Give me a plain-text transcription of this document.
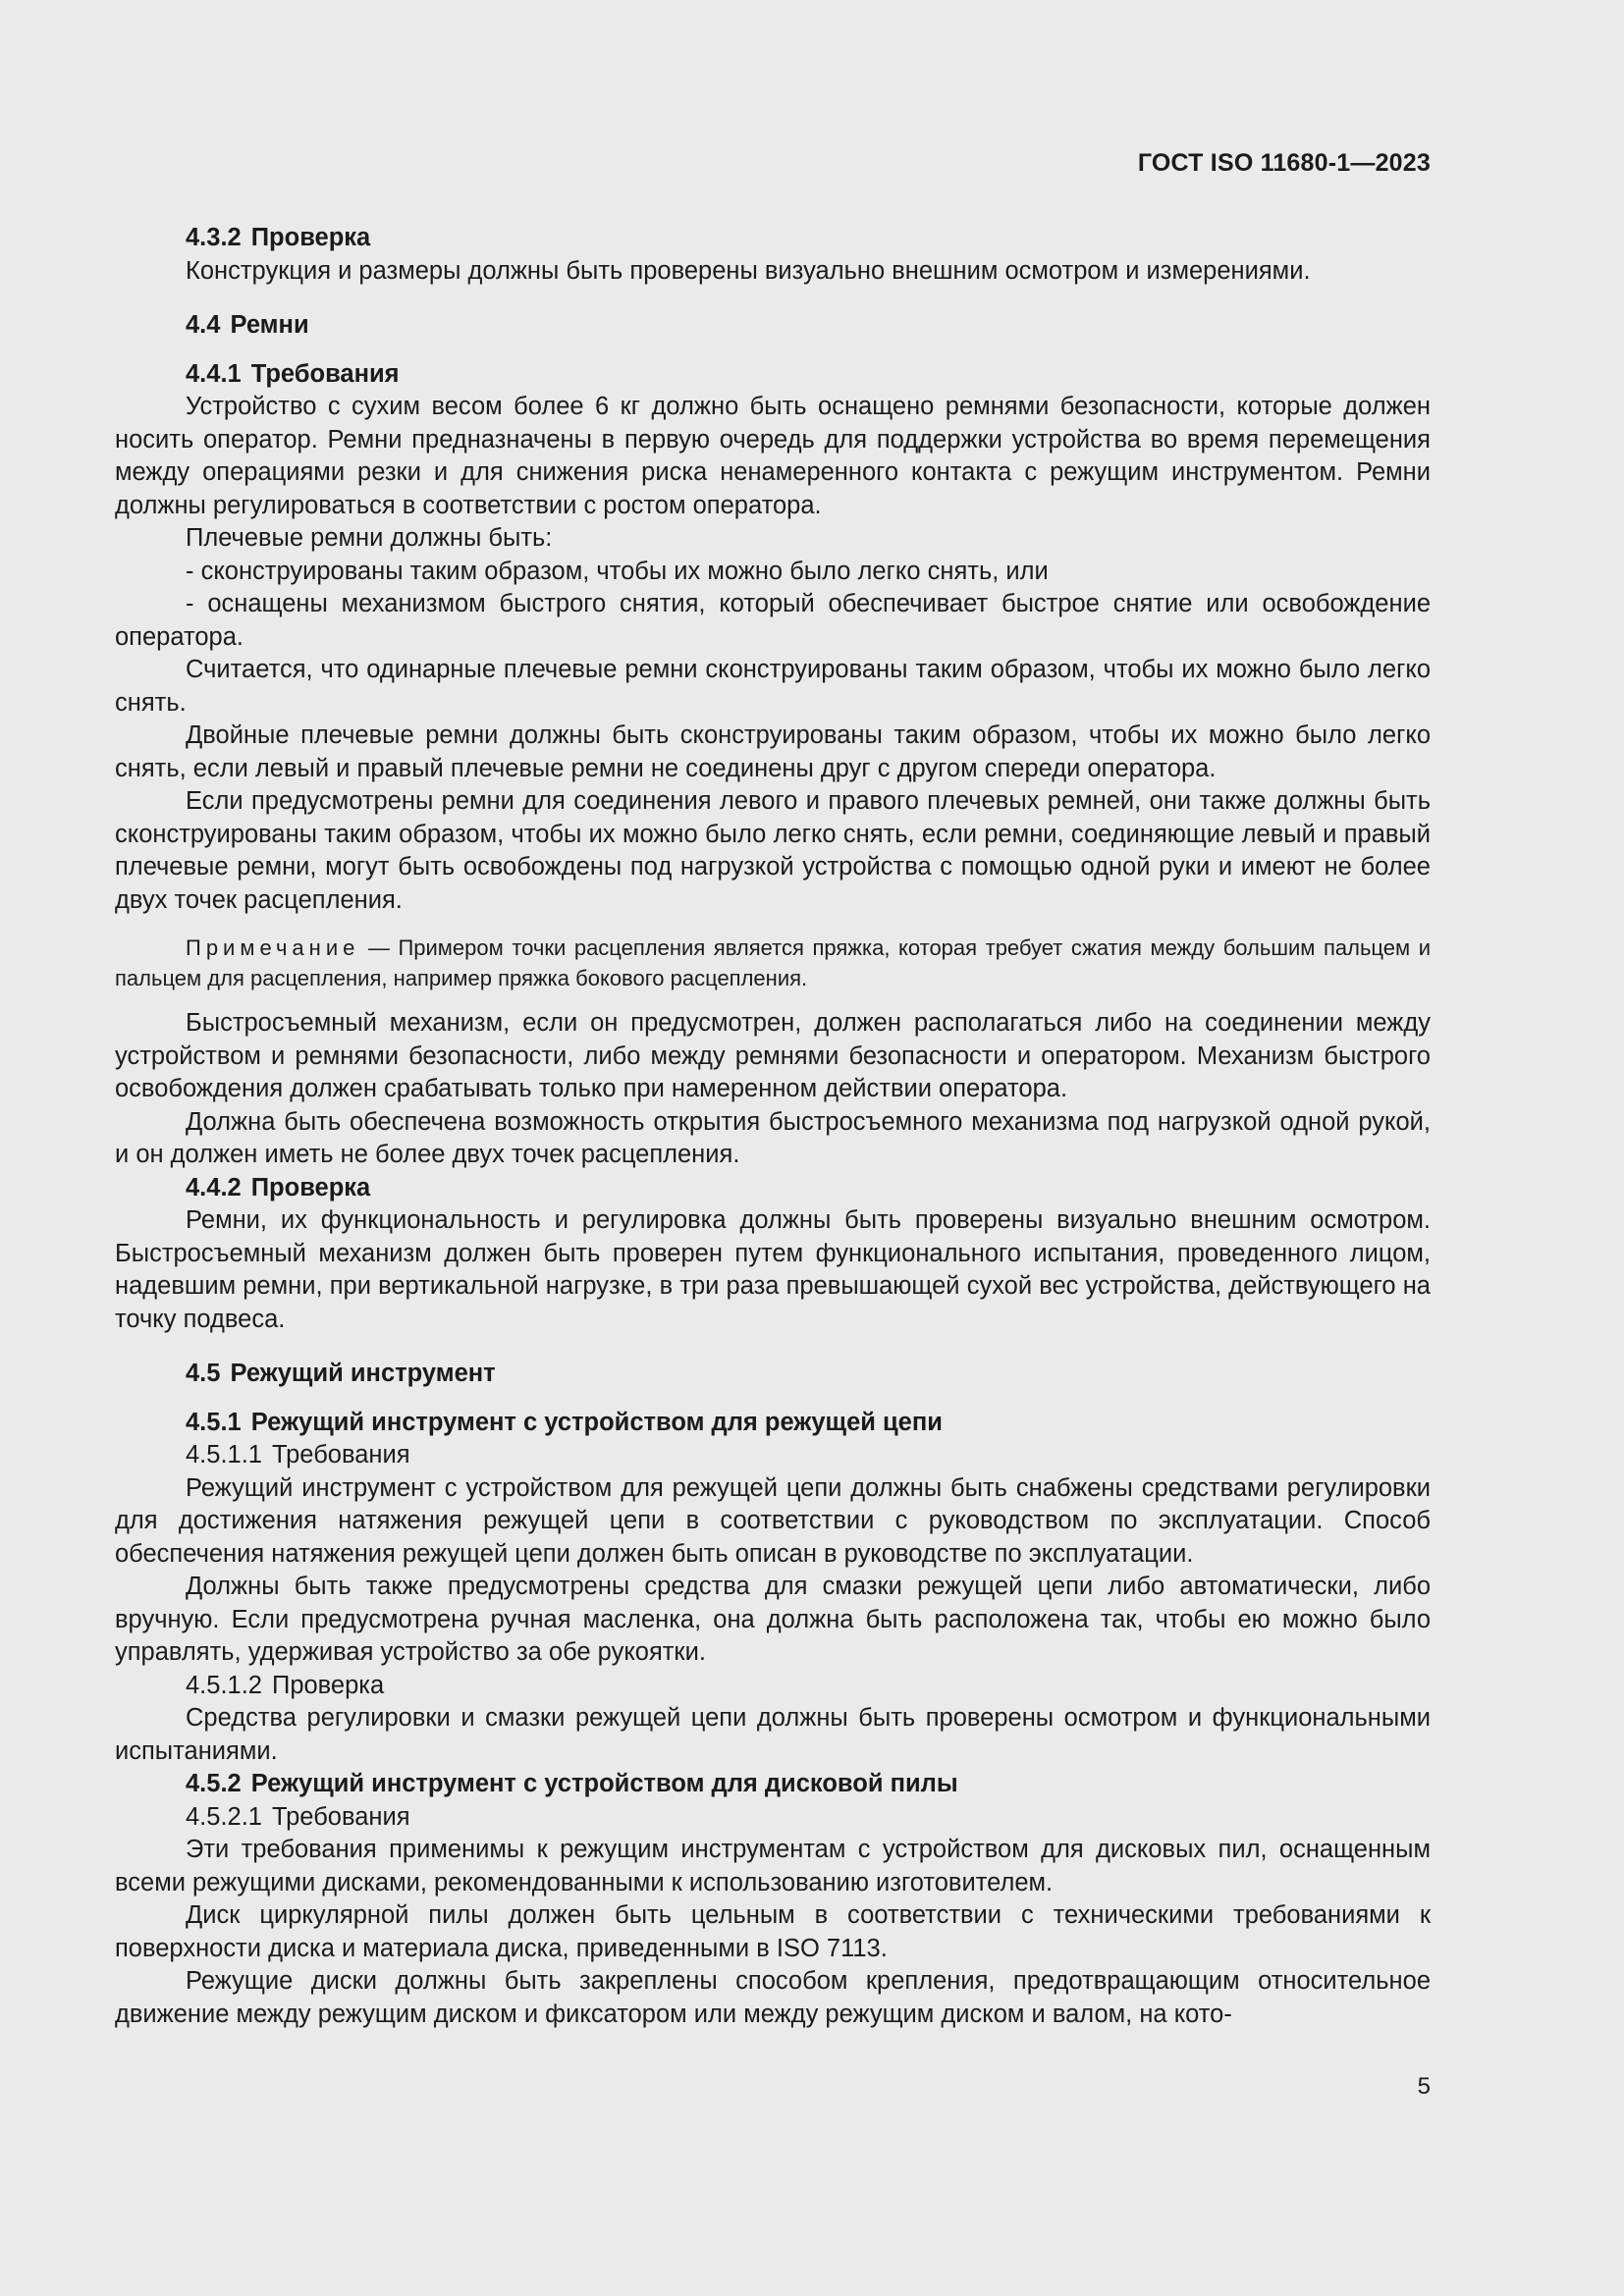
ГОСТ ISO 11680-1—2023
4.3.2 Проверка

Конструкция и размеры должны быть проверены визуально внешним осмотром и измерениями.

4.4 Ремни
4.4.1 Требования

Устройство с сухим весом более 6 кг должно быть оснащено ремнями безопасности, которые должен носить оператор. Ремни предназначены в первую очередь для поддержки устройства во время перемещения между операциями резки и для снижения риска ненамеренного контакта с режущим инструментом. Ремни должны регулироваться в соответствии с ростом оператора.

Плечевые ремни должны быть:

- сконструированы таким образом, чтобы их можно было легко снять, или

- оснащены механизмом быстрого снятия, который обеспечивает быстрое снятие или освобождение оператора.

Считается, что одинарные плечевые ремни сконструированы таким образом, чтобы их можно было легко снять.

Двойные плечевые ремни должны быть сконструированы таким образом, чтобы их можно было легко снять, если левый и правый плечевые ремни не соединены друг с другом спереди оператора.

Если предусмотрены ремни для соединения левого и правого плечевых ремней, они также должны быть сконструированы таким образом, чтобы их можно было легко снять, если ремни, соединяющие левый и правый плечевые ремни, могут быть освобождены под нагрузкой устройства с помощью одной руки и имеют не более двух точек расцепления.

Примечание — Примером точки расцепления является пряжка, которая требует сжатия между большим пальцем и пальцем для расцепления, например пряжка бокового расцепления.

Быстросъемный механизм, если он предусмотрен, должен располагаться либо на соединении между устройством и ремнями безопасности, либо между ремнями безопасности и оператором. Механизм быстрого освобождения должен срабатывать только при намеренном действии оператора.

Должна быть обеспечена возможность открытия быстросъемного механизма под нагрузкой одной рукой, и он должен иметь не более двух точек расцепления.

4.4.2 Проверка

Ремни, их функциональность и регулировка должны быть проверены визуально внешним осмотром. Быстросъемный механизм должен быть проверен путем функционального испытания, проведенного лицом, надевшим ремни, при вертикальной нагрузке, в три раза превышающей сухой вес устройства, действующего на точку подвеса.

4.5 Режущий инструмент
4.5.1 Режущий инструмент с устройством для режущей цепи
4.5.1.1 Требования

Режущий инструмент с устройством для режущей цепи должны быть снабжены средствами регулировки для достижения натяжения режущей цепи в соответствии с руководством по эксплуатации. Способ обеспечения натяжения режущей цепи должен быть описан в руководстве по эксплуатации.

Должны быть также предусмотрены средства для смазки режущей цепи либо автоматически, либо вручную. Если предусмотрена ручная масленка, она должна быть расположена так, чтобы ею можно было управлять, удерживая устройство за обе рукоятки.

4.5.1.2 Проверка

Средства регулировки и смазки режущей цепи должны быть проверены осмотром и функциональными испытаниями.

4.5.2 Режущий инструмент с устройством для дисковой пилы
4.5.2.1 Требования

Эти требования применимы к режущим инструментам с устройством для дисковых пил, оснащенным всеми режущими дисками, рекомендованными к использованию изготовителем.

Диск циркулярной пилы должен быть цельным в соответствии с техническими требованиями к поверхности диска и материала диска, приведенными в ISO 7113.

Режущие диски должны быть закреплены способом крепления, предотвращающим относительное движение между режущим диском и фиксатором или между режущим диском и валом, на кото-

5
